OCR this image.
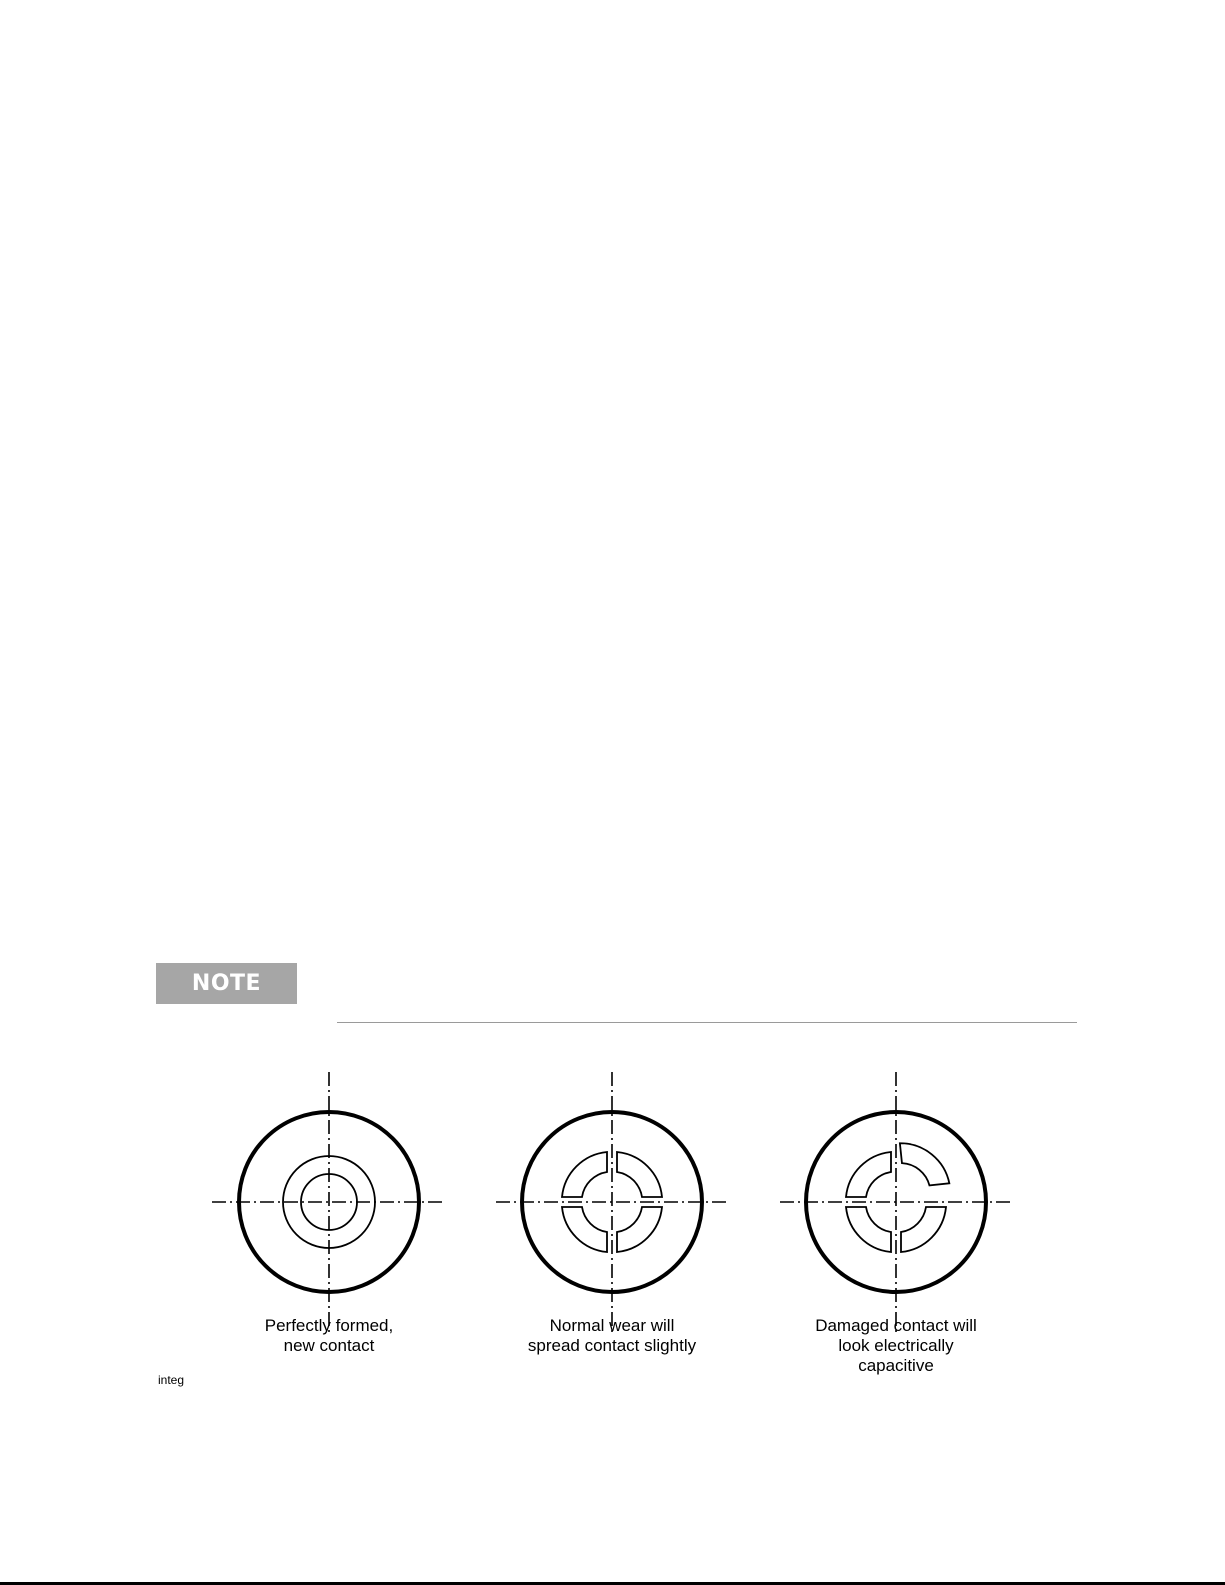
NOTE
Perfectly formed,
new contact
Normal wear will
spread contact slightly
Damaged contact will
look electrically
capacitive
integ
